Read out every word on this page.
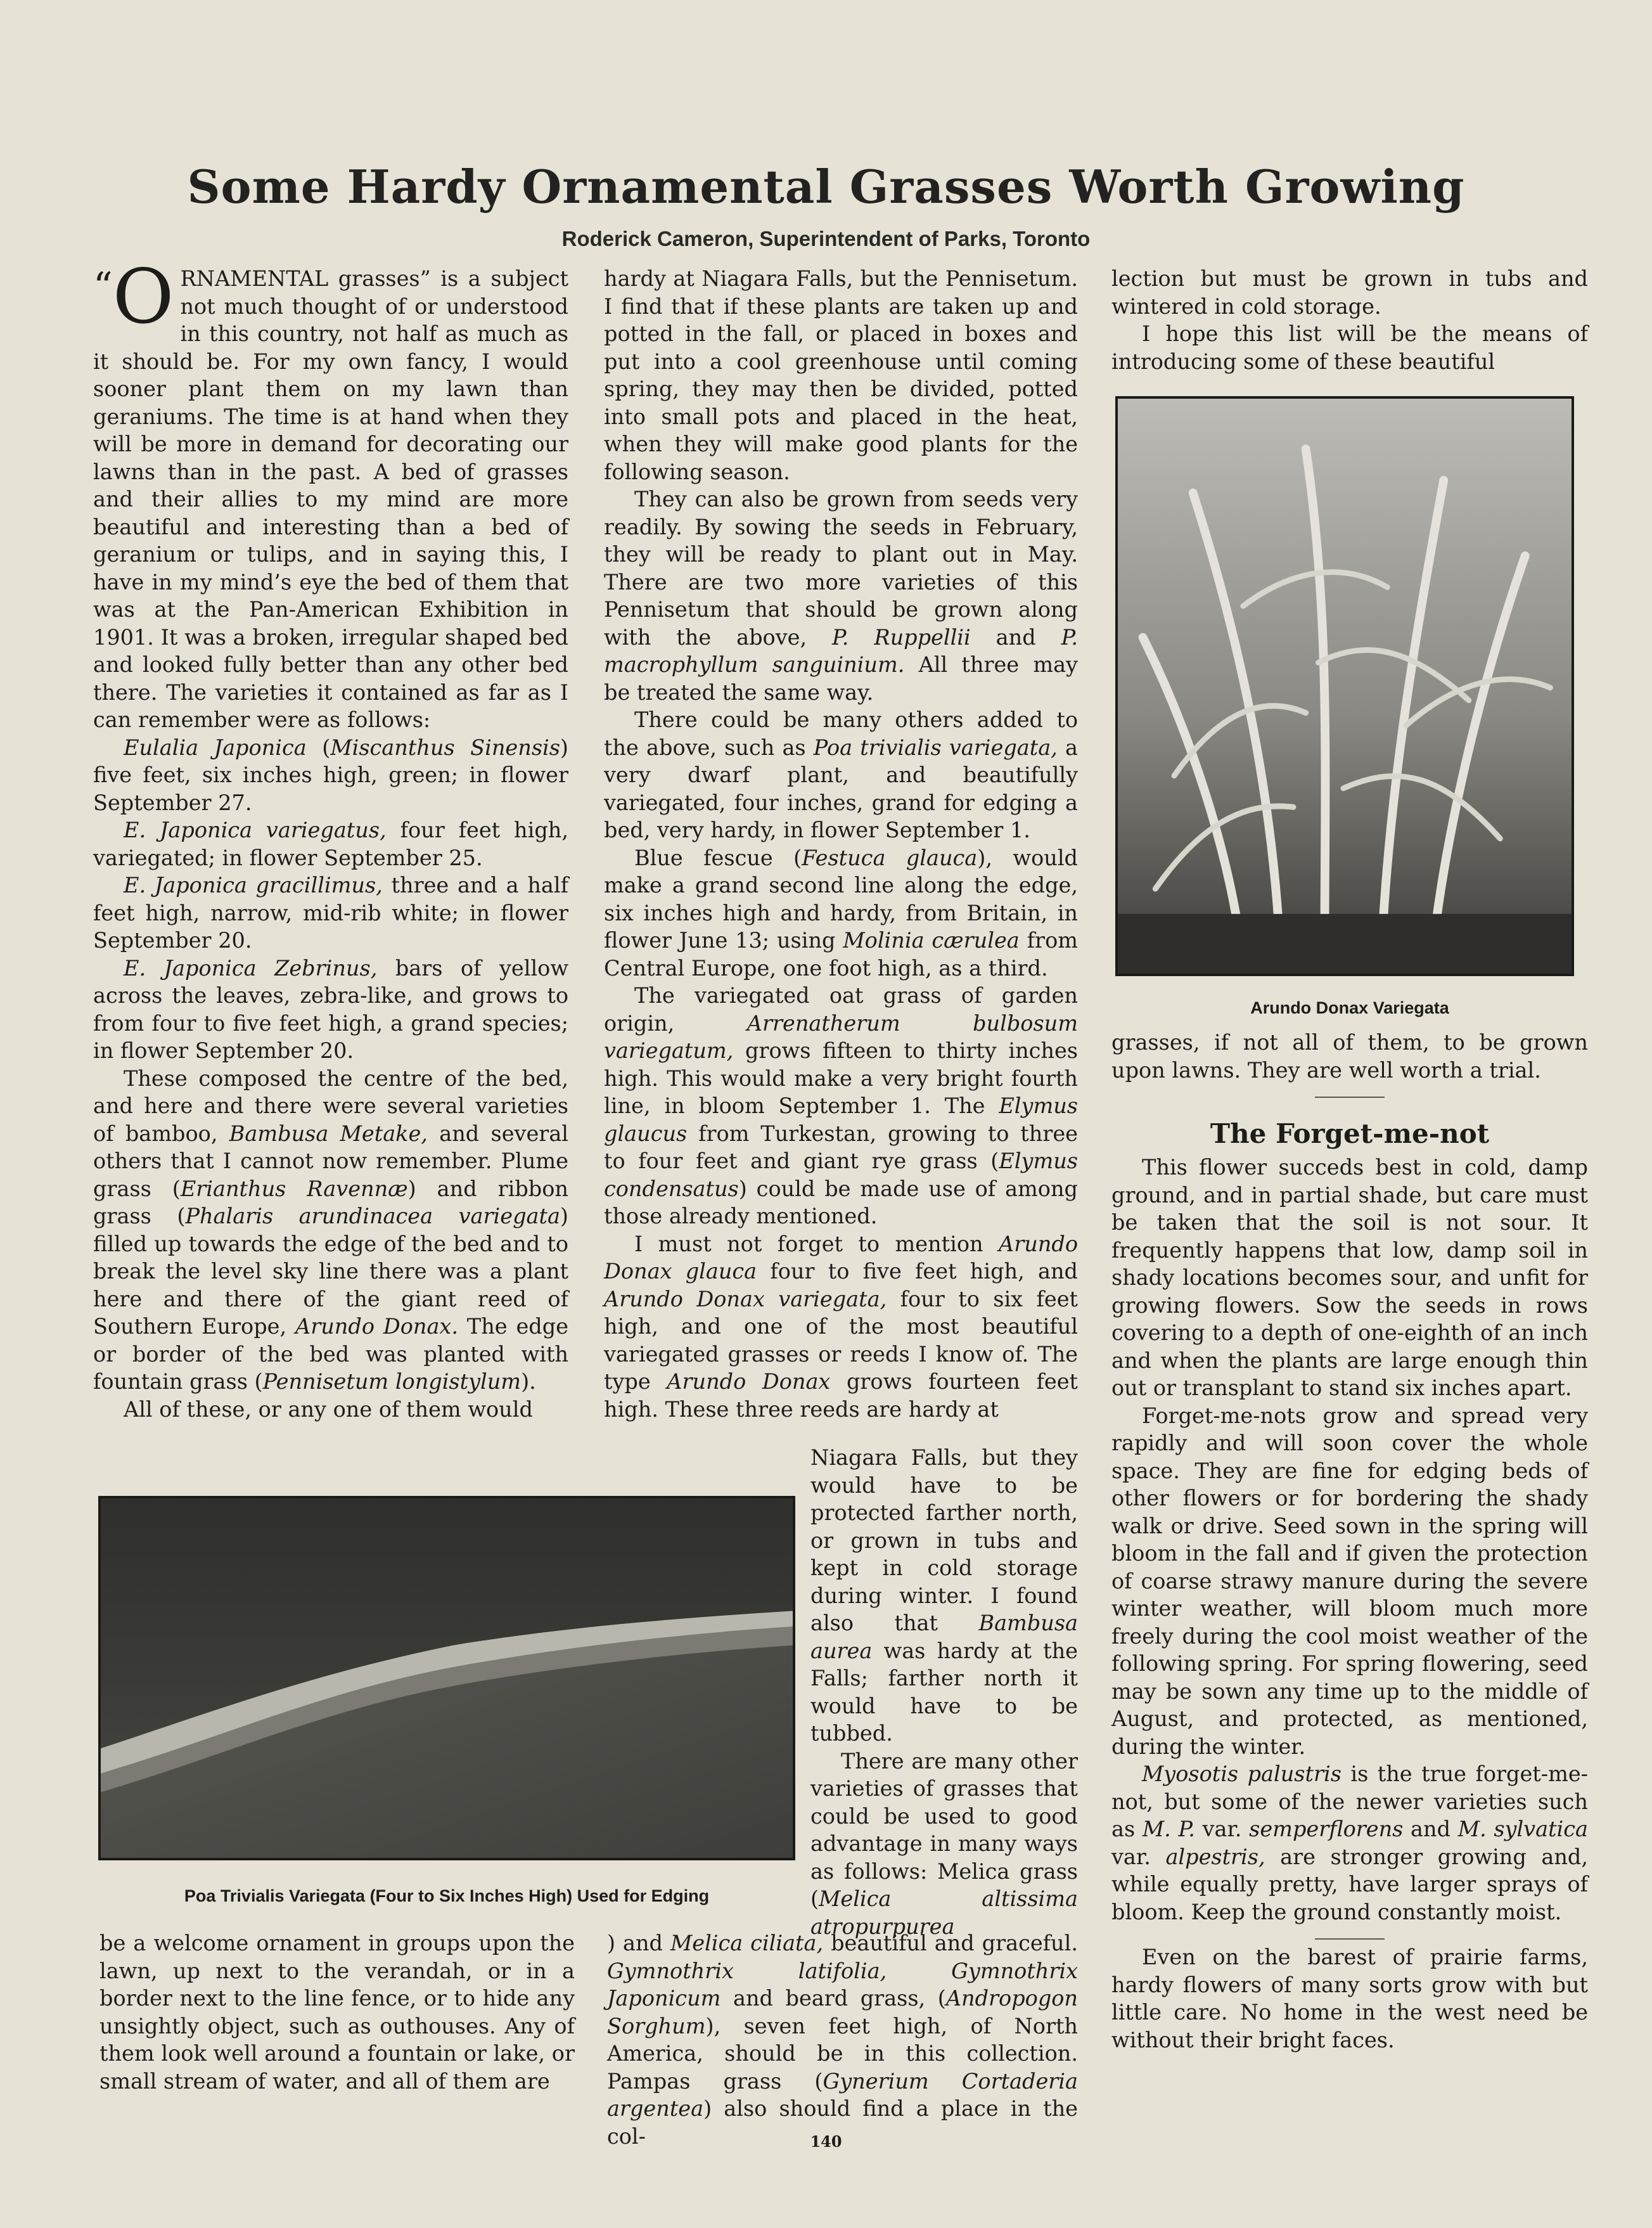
Some Hardy Ornamental Grasses Worth Growing
Roderick Cameron, Superintendent of Parks, Toronto

“O RNAMENTAL grasses” is a subject not much thought of or understood in this country, not half as much as it should be. For my own fancy, I would sooner plant them on my lawn than geraniums. The time is at hand when they will be more in demand for decorating our lawns than in the past. A bed of grasses and their allies to my mind are more beautiful and interesting than a bed of geranium or tulips, and in saying this, I have in my mind’s eye the bed of them that was at the Pan-American Exhibition in 1901. It was a broken, irregular shaped bed and looked fully better than any other bed there. The varieties it contained as far as I can remember were as follows:

Eulalia Japonica (Miscanthus Sinensis) five feet, six inches high, green; in flower September 27.

E. Japonica variegatus, four feet high, variegated; in flower September 25.

E. Japonica gracillimus, three and a half feet high, narrow, mid-rib white; in flower September 20.

E. Japonica Zebrinus, bars of yellow across the leaves, zebra-like, and grows to from four to five feet high, a grand species; in flower September 20.

These composed the centre of the bed, and here and there were several varieties of bamboo, Bambusa Metake, and several others that I cannot now remember. Plume grass (Erianthus Ravennæ) and ribbon grass (Phalaris arundinacea variegata) filled up towards the edge of the bed and to break the level sky line there was a plant here and there of the giant reed of Southern Europe, Arundo Donax. The edge or border of the bed was planted with fountain grass (Pennisetum longistylum).

All of these, or any one of them would

hardy at Niagara Falls, but the Pennisetum. I find that if these plants are taken up and potted in the fall, or placed in boxes and put into a cool greenhouse until coming spring, they may then be divided, potted into small pots and placed in the heat, when they will make good plants for the following season.

They can also be grown from seeds very readily. By sowing the seeds in February, they will be ready to plant out in May. There are two more varieties of this Pennisetum that should be grown along with the above, P. Ruppellii and P. macrophyllum sanguinium. All three may be treated the same way.

There could be many others added to the above, such as Poa trivialis variegata, a very dwarf plant, and beautifully variegated, four inches, grand for edging a bed, very hardy, in flower September 1.

Blue fescue (Festuca glauca), would make a grand second line along the edge, six inches high and hardy, from Britain, in flower June 13; using Molinia cærulea from Central Europe, one foot high, as a third.

The variegated oat grass of garden origin,	Arrenatherum bulbosum variegatum, grows fifteen to thirty inches high. This would make a very bright fourth line, in bloom September 1. The Elymus glaucus from Turkestan, growing to three to four feet and giant rye grass (Elymus condensatus) could be made use of among those already mentioned.

I must not forget to mention Arundo Donax glauca four to five feet high, and Arundo Donax variegata, four to six feet high, and one of the most beautiful variegated grasses or reeds I know of. The type Arundo Donax grows fourteen feet high. These three reeds are hardy at

Niagara Falls, but they would have to be protected farther north, or grown in tubs and kept in cold storage during winter. I found also that Bambusa aurea was hardy at the Falls; farther north it would have to be tubbed.

There are many other varieties of grasses that could be used to good advantage in many ways as follows: Melica grass (Melica altissima atropurpurea

Poa Trivialis Variegata (Four to Six Inches High) Used for Edging

be a welcome ornament in groups upon the lawn, up next to the verandah, or in a border next to the line fence, or to hide any unsightly object, such as outhouses. Any of them look well around a fountain or lake, or small stream of water, and all of them are

) and Melica ciliata, beautiful and graceful. Gymnothrix latifolia, Gymnothrix Japonicum and beard grass, (Andropogon Sorghum), seven feet high, of North America, should be in this collection. Pampas grass (Gynerium Cortaderia argentea) also should find a place in the col-

lection but must be grown in tubs and wintered in cold storage.

I hope this list will be the means of introducing some of these beautiful

Arundo Donax Variegata

grasses, if not all of them, to be grown upon lawns. They are well worth a trial.

The Forget-me-not

This flower succeds best in cold, damp ground, and in partial shade, but care must be taken that the soil is not sour. It frequently happens that low, damp soil in shady locations becomes sour, and unfit for growing flowers. Sow the seeds in rows covering to a depth of one-eighth of an inch and when the plants are large enough thin out or transplant to stand six inches apart.

Forget-me-nots grow and spread very rapidly and will soon cover the whole space. They are fine for edging beds of other flowers or for bordering the shady walk or drive. Seed sown in the spring will bloom in the fall and if given the protection of coarse strawy manure during the severe winter weather, will bloom much more freely during the cool moist weather of the following spring. For spring flowering, seed may be sown any time up to the middle of August, and protected, as mentioned, during the winter.

Myosotis palustris is the true forget-me-not, but some of the newer varieties such as M. P. var. semperflorens and M. sylvatica var. alpestris, are stronger growing and, while equally pretty, have larger sprays of bloom. Keep the ground constantly moist.

Even on the barest of prairie farms, hardy flowers of many sorts grow with but little care. No home in the west need be without their bright faces.

140
